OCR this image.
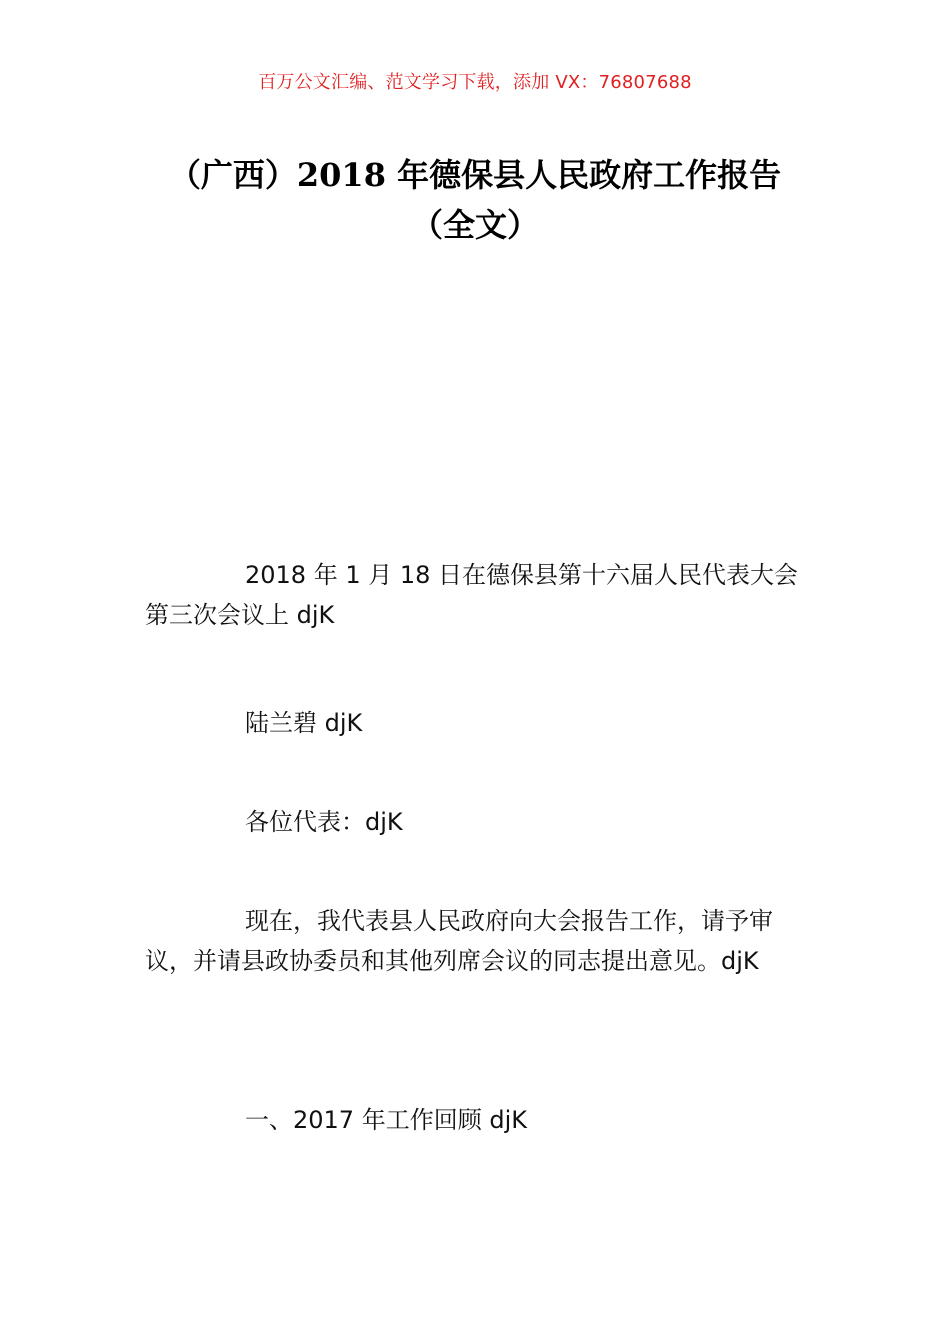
百万公文汇编、范文学习下载，添加 VX：76807688
（广西）2018 年德保县人民政府工作报告
（全文）
2018 年 1 月 18 日在德保县第十六届人民代表大会第三次会议上 djK
陆兰碧 djK
各位代表：djK
现在，我代表县人民政府向大会报告工作，请予审议，并请县政协委员和其他列席会议的同志提出意见。djK
一、2017 年工作回顾 djK
